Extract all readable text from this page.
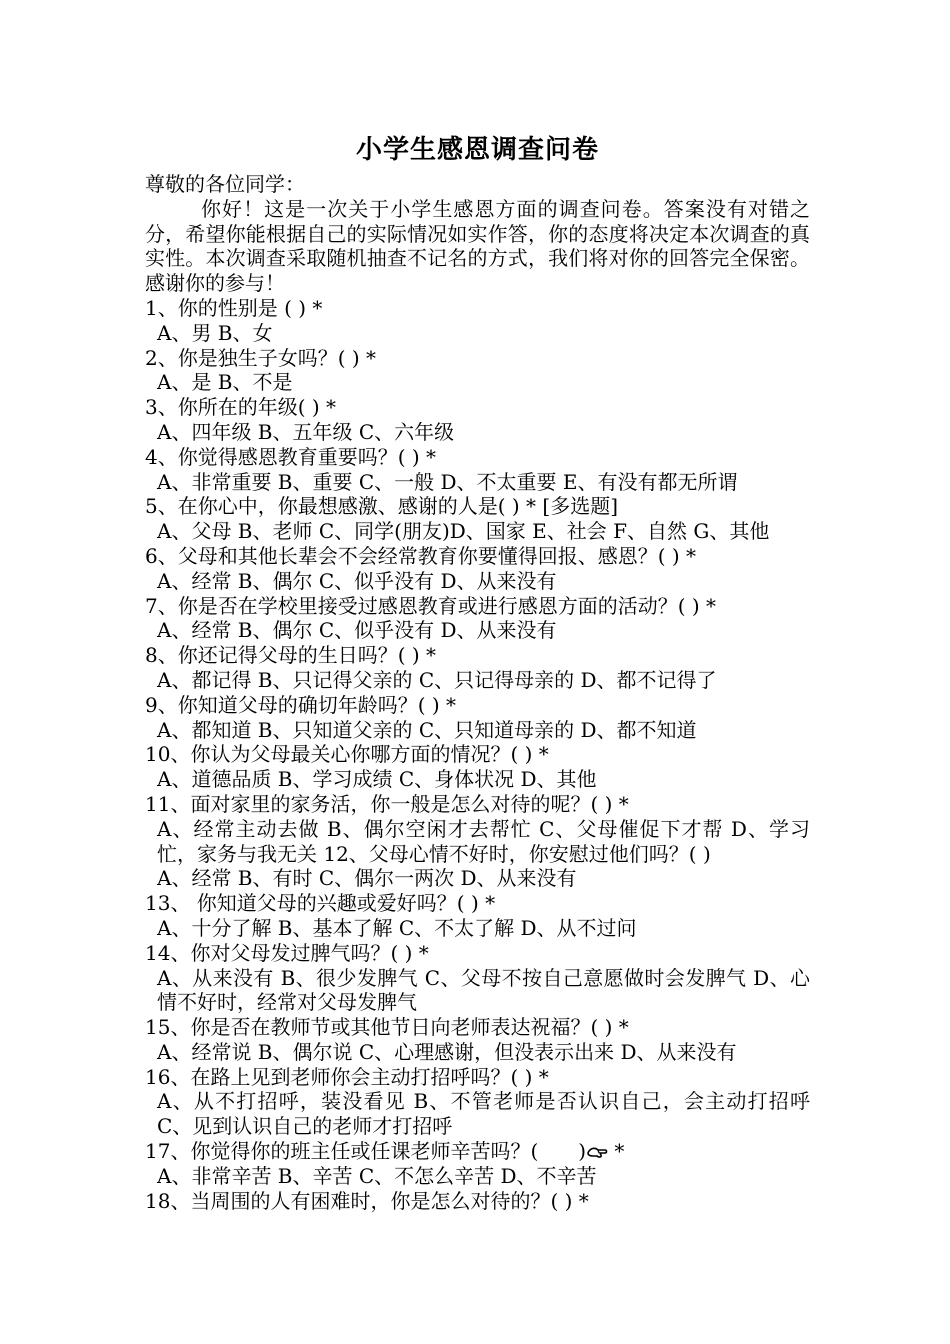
小学生感恩调查问卷

尊敬的各位同学：

你好！这是一次关于小学生感恩方面的调查问卷。答案没有对错之分，希望你能根据自己的实际情况如实作答，你的态度将决定本次调查的真实性。本次调查采取随机抽查不记名的方式，我们将对你的回答完全保密。感谢你的参与！

1、你的性别是 ( ) *

A、男 B、女

2、你是独生子女吗？( ) *

A、是 B、不是

3、你所在的年级( ) *

A、四年级 B、五年级 C、六年级

4、你觉得感恩教育重要吗？( ) *

A、非常重要 B、重要 C、一般 D、不太重要 E、有没有都无所谓

5、在你心中，你最想感激、感谢的人是( ) * [多选题]

A、父母 B、老师 C、同学(朋友)D、国家 E、社会 F、自然 G、其他

6、父母和其他长辈会不会经常教育你要懂得回报、感恩？( ) *

A、经常 B、偶尔 C、似乎没有 D、从来没有

7、你是否在学校里接受过感恩教育或进行感恩方面的活动？( ) *

A、经常 B、偶尔 C、似乎没有 D、从来没有

8、你还记得父母的生日吗？( ) *

A、都记得 B、只记得父亲的 C、只记得母亲的 D、都不记得了

9、你知道父母的确切年龄吗？( ) *

A、都知道 B、只知道父亲的 C、只知道母亲的 D、都不知道

10、你认为父母最关心你哪方面的情况？( ) *

A、道德品质 B、学习成绩 C、身体状况 D、其他

11、面对家里的家务活，你一般是怎么对待的呢？( ) *

A、经常主动去做 B、偶尔空闲才去帮忙 C、父母催促下才帮 D、学习忙，家务与我无关 12、父母心情不好时，你安慰过他们吗？( )

A、经常 B、有时 C、偶尔一两次 D、从来没有

13、 你知道父母的兴趣或爱好吗？( ) *

A、十分了解 B、基本了解 C、不太了解 D、从不过问

14、你对父母发过脾气吗？( ) *

A、从来没有 B、很少发脾气 C、父母不按自己意愿做时会发脾气 D、心情不好时，经常对父母发脾气

15、你是否在教师节或其他节日向老师表达祝福？( ) *

A、经常说 B、偶尔说 C、心理感谢，但没表示出来 D、从来没有

16、在路上见到老师你会主动打招呼吗？( ) *

A、从不打招呼，装没看见 B、不管老师是否认识自己，会主动打招呼 C、见到认识自己的老师才打招呼

17、你觉得你的班主任或任课老师辛苦吗？(　　) *

A、非常辛苦 B、辛苦 C、不怎么辛苦 D、不辛苦

18、当周围的人有困难时，你是怎么对待的？( ) *
